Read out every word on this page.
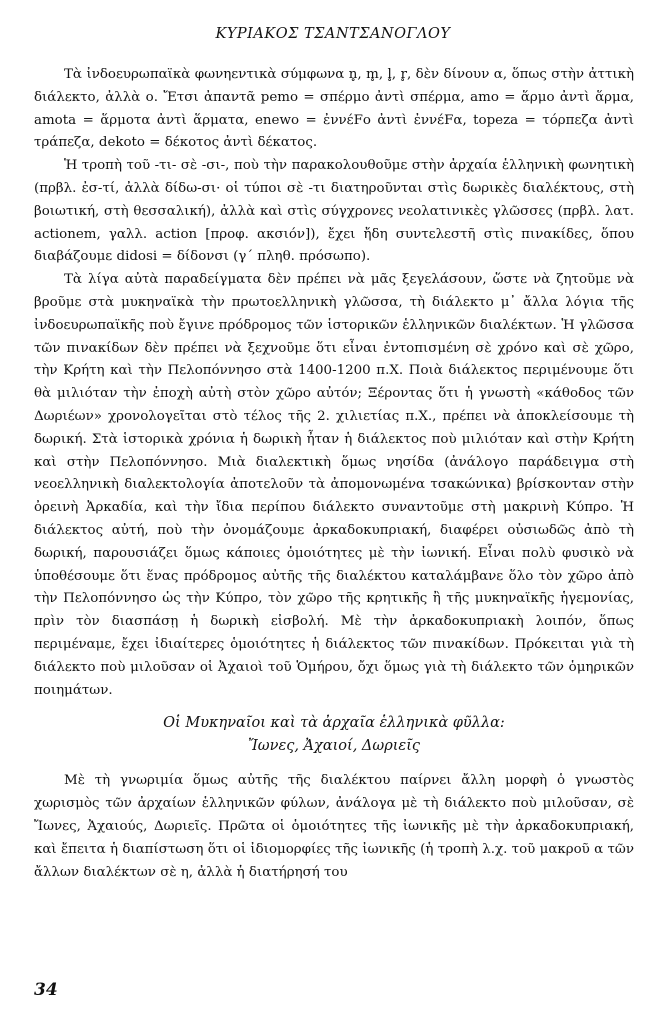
ΚΥΡΙΑΚΟΣ ΤΣΑΝΤΣΑΝΟΓΛΟΥ

Τὰ ἰνδοευρωπαϊκὰ φωνηεντικὰ σύμφωνα n̥, m̥, l̥, r̥, δὲν δίνουν α, ὅπως στὴν ἀττικὴ διάλεκτο, ἀλλὰ ο. Ἔτσι ἀπαντᾶ pemo = σπέρμο ἀντὶ σπέρμα, amo = ἅρμο ἀντὶ ἅρμα, amota = ἅρμοτα ἀντὶ ἅρματα, enewo = ἐννέFο ἀντὶ ἐννέFα, topeza = τόρπεζα ἀντὶ τράπεζα, dekoto = δέκοτος ἀντὶ δέκατος.

Ἡ τροπὴ τοῦ -τι- σὲ -σι-, ποὺ τὴν παρακολουθοῦμε στὴν ἀρχαία ἑλληνικὴ φωνητικὴ (πρβλ. ἐσ-τί, ἀλλὰ δίδω-σι· οἱ τύποι σὲ -τι διατηροῦνται στὶς δωρικὲς διαλέκτους, στὴ βοιωτική, στὴ θεσσαλική), ἀλλὰ καὶ στὶς σύγχρονες νεολατινικὲς γλῶσσες (πρβλ. λατ. actionem, γαλλ. action [προφ. ακσιόν]), ἔχει ἤδη συντελεστῆ στὶς πινακίδες, ὅπου διαβάζουμε didosi = δίδονσι (γ΄ πληθ. πρόσωπο).

Τὰ λίγα αὐτὰ παραδείγματα δὲν πρέπει νὰ μᾶς ξεγελάσουν, ὥστε νὰ ζητοῦμε νὰ βροῦμε στὰ μυκηναϊκὰ τὴν πρωτοελληνικὴ γλῶσσα, τὴ διάλεκτο μ᾽ ἄλλα λόγια τῆς ἰνδοευρωπαϊκῆς ποὺ ἔγινε πρόδρομος τῶν ἱστορικῶν ἑλληνικῶν διαλέκτων. Ἡ γλῶσσα τῶν πινακίδων δὲν πρέπει νὰ ξεχνοῦμε ὅτι εἶναι ἐντοπισμένη σὲ χρόνο καὶ σὲ χῶρο, τὴν Κρήτη καὶ τὴν Πελοπόννησο στὰ 1400-1200 π.Χ. Ποιὰ διάλεκτος περιμένουμε ὅτι θὰ μιλιόταν τὴν ἐποχὴ αὐτὴ στὸν χῶρο αὐτόν; Ξέροντας ὅτι ἡ γνωστὴ «κάθοδος τῶν Δωριέων» χρονολογεῖται στὸ τέλος τῆς 2. χιλιετίας π.Χ., πρέπει νὰ ἀποκλείσουμε τὴ δωρική. Στὰ ἱστορικὰ χρόνια ἡ δωρικὴ ἦταν ἡ διάλεκτος ποὺ μιλιόταν καὶ στὴν Κρήτη καὶ στὴν Πελοπόννησο. Μιὰ διαλεκτικὴ ὅμως νησίδα (ἀνάλογο παράδειγμα στὴ νεοελληνικὴ διαλεκτολογία ἀποτελοῦν τὰ ἀπομονωμένα τσακώνικα) βρίσκονταν στὴν ὀρεινὴ Ἀρκαδία, καὶ τὴν ἴδια περίπου διάλεκτο συναντοῦμε στὴ μακρινὴ Κύπρο. Ἡ διάλεκτος αὐτή, ποὺ τὴν ὀνομάζουμε ἀρκαδοκυπριακή, διαφέρει οὐσιωδῶς ἀπὸ τὴ δωρική, παρουσιάζει ὅμως κάποιες ὁμοιότητες μὲ τὴν ἰωνική. Εἶναι πολὺ φυσικὸ νὰ ὑποθέσουμε ὅτι ἕνας πρόδρομος αὐτῆς τῆς διαλέκτου καταλάμβανε ὅλο τὸν χῶρο ἀπὸ τὴν Πελοπόννησο ὡς τὴν Κύπρο, τὸν χῶρο τῆς κρητικῆς ἢ τῆς μυκηναϊκῆς ἡγεμονίας, πρὶν τὸν διασπάσῃ ἡ δωρικὴ εἰσβολή. Μὲ τὴν ἀρκαδοκυπριακὴ λοιπόν, ὅπως περιμέναμε, ἔχει ἰδιαίτερες ὁμοιότητες ἡ διάλεκτος τῶν πινακίδων. Πρόκειται γιὰ τὴ διάλεκτο ποὺ μιλοῦσαν οἱ Ἀχαιοὶ τοῦ Ὁμήρου, ὄχι ὅμως γιὰ τὴ διάλεκτο τῶν ὁμηρικῶν ποιημάτων.

Οἱ Μυκηναῖοι καὶ τὰ ἀρχαῖα ἑλληνικὰ φῦλλα:
Ἴωνες, Ἀχαιοί, Δωριεῖς

Μὲ τὴ γνωριμία ὅμως αὐτῆς τῆς διαλέκτου παίρνει ἄλλη μορφὴ ὁ γνωστὸς χωρισμὸς τῶν ἀρχαίων ἑλληνικῶν φύλων, ἀνάλογα μὲ τὴ διάλεκτο ποὺ μιλοῦσαν, σὲ Ἴωνες, Ἀχαιούς, Δωριεῖς. Πρῶτα οἱ ὁμοιότητες τῆς ἰωνικῆς μὲ τὴν ἀρκαδοκυπριακή, καὶ ἔπειτα ἡ διαπίστωση ὅτι οἱ ἰδιομορφίες τῆς ἰωνικῆς (ἡ τροπὴ λ.χ. τοῦ μακροῦ α τῶν ἄλλων διαλέκτων σὲ η, ἀλλὰ ἡ διατήρησή του

34
